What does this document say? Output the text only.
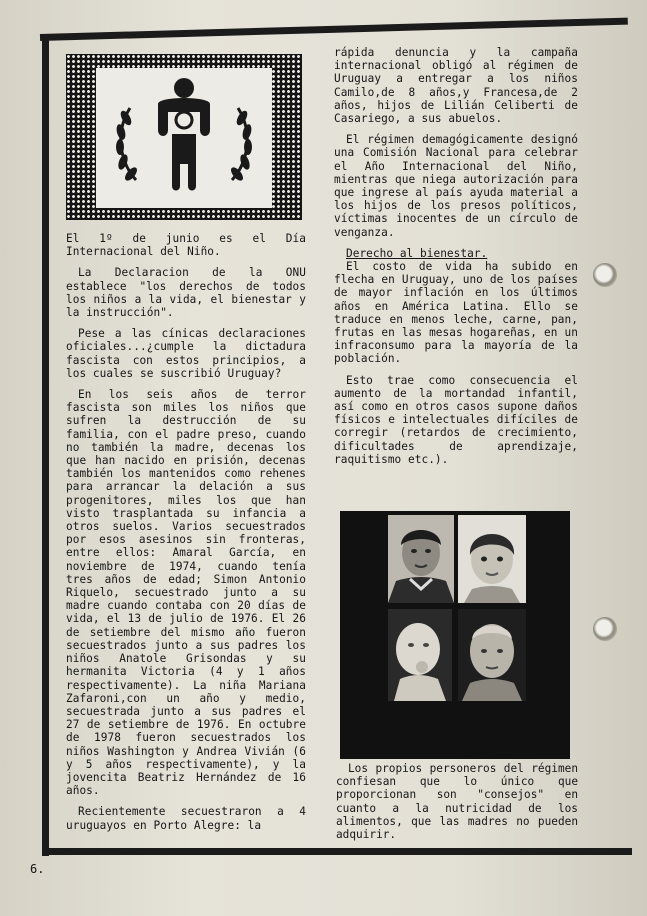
El 1º de junio es el Día Internacional del Niño.

La Declaracion de la ONU establece "los derechos de todos los niños a la vida, el bienestar y la instrucción".

Pese a las cínicas declaraciones oficiales...¿cumple la dictadura fascista con estos principios, a los cuales se suscribió Uruguay?

En los seis años de terror fascista son miles los niños que sufren la destrucción de su familia, con el padre preso, cuando no también la madre, decenas los que han nacido en prisión, decenas también los mantenidos como rehenes para arrancar la delación a sus progenitores, miles los que han visto trasplantada su infancia a otros suelos. Varios secuestrados por esos asesinos sin fronteras, entre ellos: Amaral García, en noviembre de 1974, cuando tenía tres años de edad; Simon Antonio Riquelo, secuestrado junto a su madre cuando contaba con 20 días de vida, el 13 de julio de 1976. El 26 de setiembre del mismo año fueron secuestrados junto a sus padres los niños Anatole Grisondas y su hermanita Victoria (4 y 1 años respectivamente). La niña Mariana Zafaroni,con un año y medio, secuestrada junto a sus padres el 27 de setiembre de 1976. En octubre de 1978 fueron secuestrados los niños Washington y Andrea Vivián (6 y 5 años respectivamente), y la jovencita Beatriz Hernández de 16 años.

Recientemente secuestraron a 4 uruguayos en Porto Alegre: la

rápida denuncia y la campaña internacional obligó al régimen de Uruguay a entregar a los niños Camilo,de 8 años,y Francesa,de 2 años, hijos de Lilián Celiberti de Casariego, a sus abuelos.

El régimen demagógicamente designó una Comisión Nacional para celebrar el Año Internacional del Niño, mientras que niega autorización para que ingrese al país ayuda material a los hijos de los presos políticos, víctimas inocentes de un círculo de venganza.

Derecho al bienestar.

El costo de vida ha subido en flecha en Uruguay, uno de los países de mayor inflación en los últimos años en América Latina. Ello se traduce en menos leche, carne, pan, frutas en las mesas hogareñas, en un infraconsumo para la mayoría de la población.

Esto trae como consecuencia el aumento de la mortandad infantil, así como en otros casos supone daños físicos e intelectuales difíciles de corregir (retardos de crecimiento, dificultades de aprendizaje, raquitismo etc.).

Los propios personeros del régimen confiesan que lo único que proporcionan son "consejos" en cuanto a la nutricidad de los alimentos, que las madres no pueden adquirir.

6.
